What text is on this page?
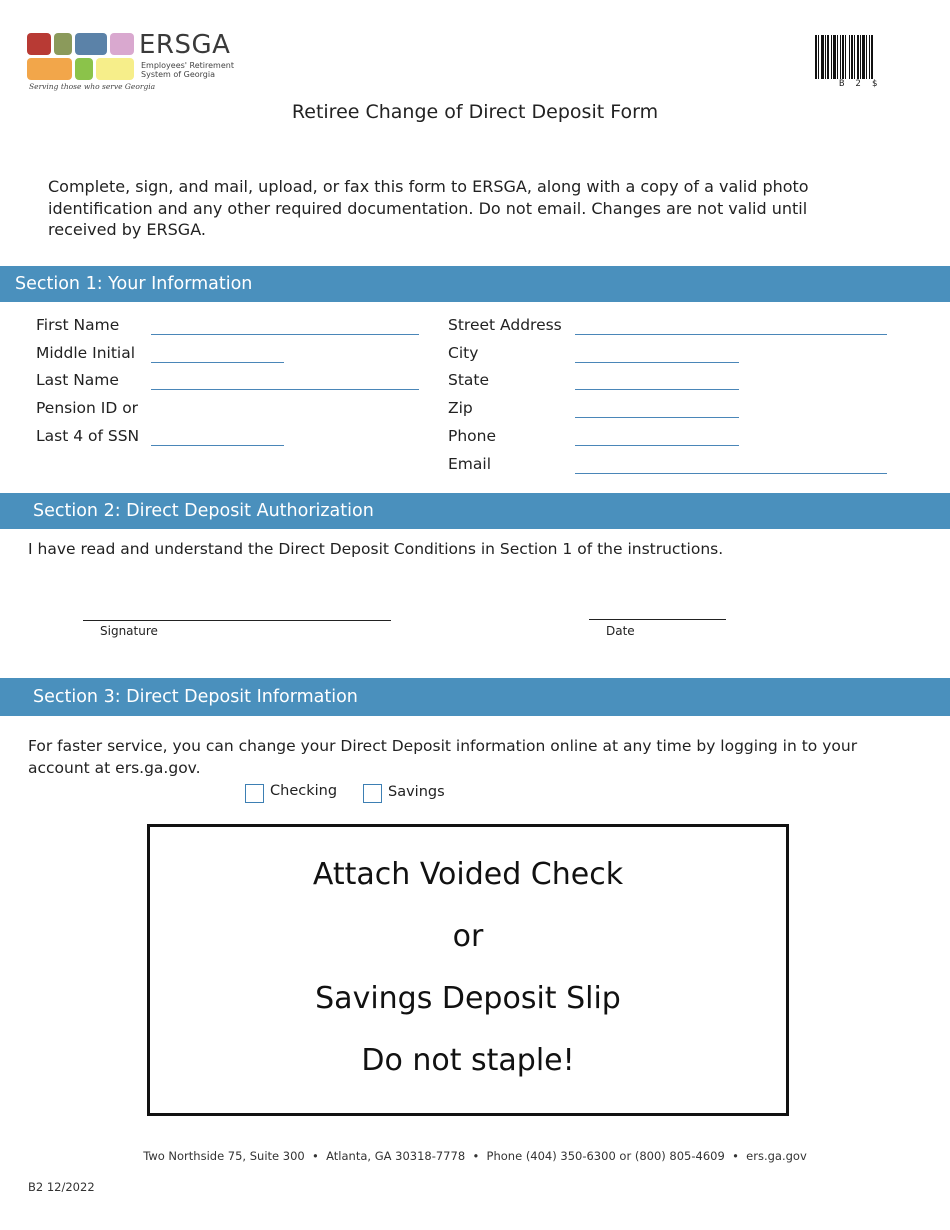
ERSGA
Employees' Retirement
System of Georgia
Serving those who serve Georgia	B2$
Retiree Change of Direct Deposit Form
Complete, sign, and mail, upload, or fax this form to ERSGA, along with a copy of a valid photo identification and any other required documentation. Do not email. Changes are not valid until received by ERSGA.
Section 1: Your Information
First Name
Middle Initial
Last Name
Pension ID or
Last 4 of SSN
Street Address
City
State
Zip
Phone
Email
Section 2: Direct Deposit Authorization
I have read and understand the Direct Deposit Conditions in Section 1 of the instructions.
Signature	Date
Section 3: Direct Deposit Information
For faster service, you can change your Direct Deposit information online at any time by logging in to your account at ers.ga.gov.
Checking	Savings
Attach Voided Check
or
Savings Deposit Slip
Do not staple!
Two Northside 75, Suite 300  •  Atlanta, GA 30318-7778  •  Phone (404) 350-6300 or (800) 805-4609  •  ers.ga.gov
B2 12/2022
